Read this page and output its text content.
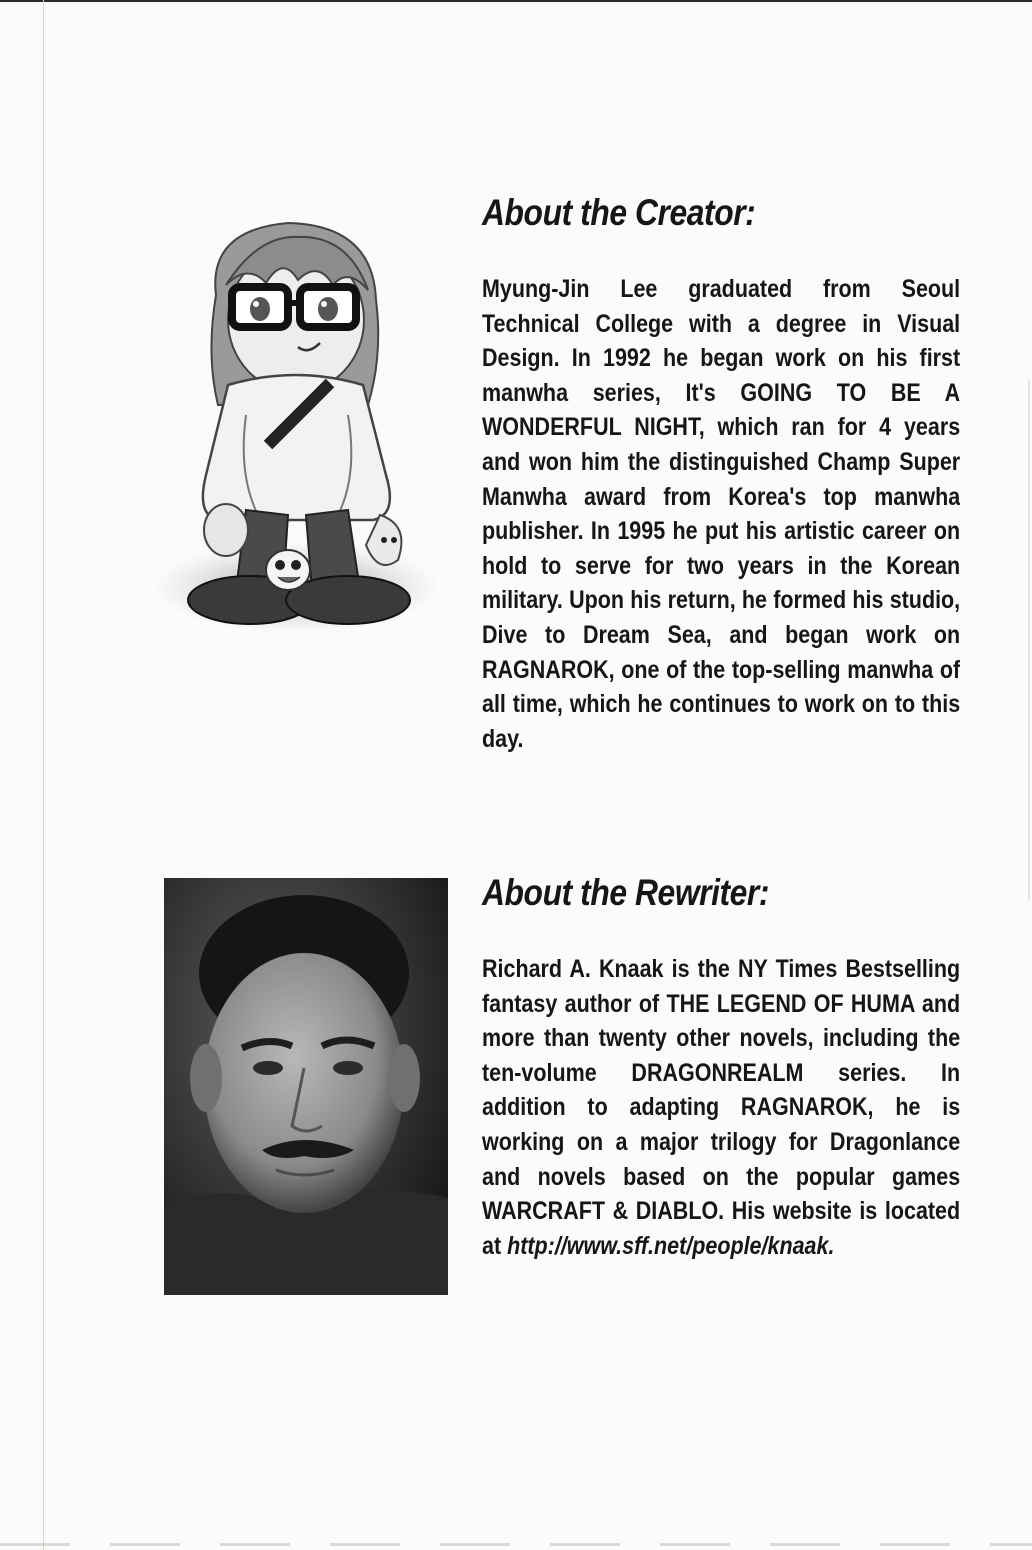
About the Creator:

Myung-Jin Lee graduated from Seoul Technical College with a degree in Visual Design. In 1992 he began work on his first manwha series, It's GOING TO BE A WONDERFUL NIGHT, which ran for 4 years and won him the distinguished Champ Super Manwha award from Korea's top manwha publisher. In 1995 he put his artistic career on hold to serve for two years in the Korean military. Upon his return, he formed his studio, Dive to Dream Sea, and began work on RAGNAROK, one of the top-selling manwha of all time, which he continues to work on to this day.

About the Rewriter:

Richard A. Knaak is the NY Times Bestselling fantasy author of THE LEGEND OF HUMA and more than twenty other novels, including the ten-volume DRAGONREALM series. In addition to adapting RAGNAROK, he is working on a major trilogy for Dragonlance and novels based on the popular games WARCRAFT & DIABLO. His website is located at http://www.sff.net/people/knaak.
